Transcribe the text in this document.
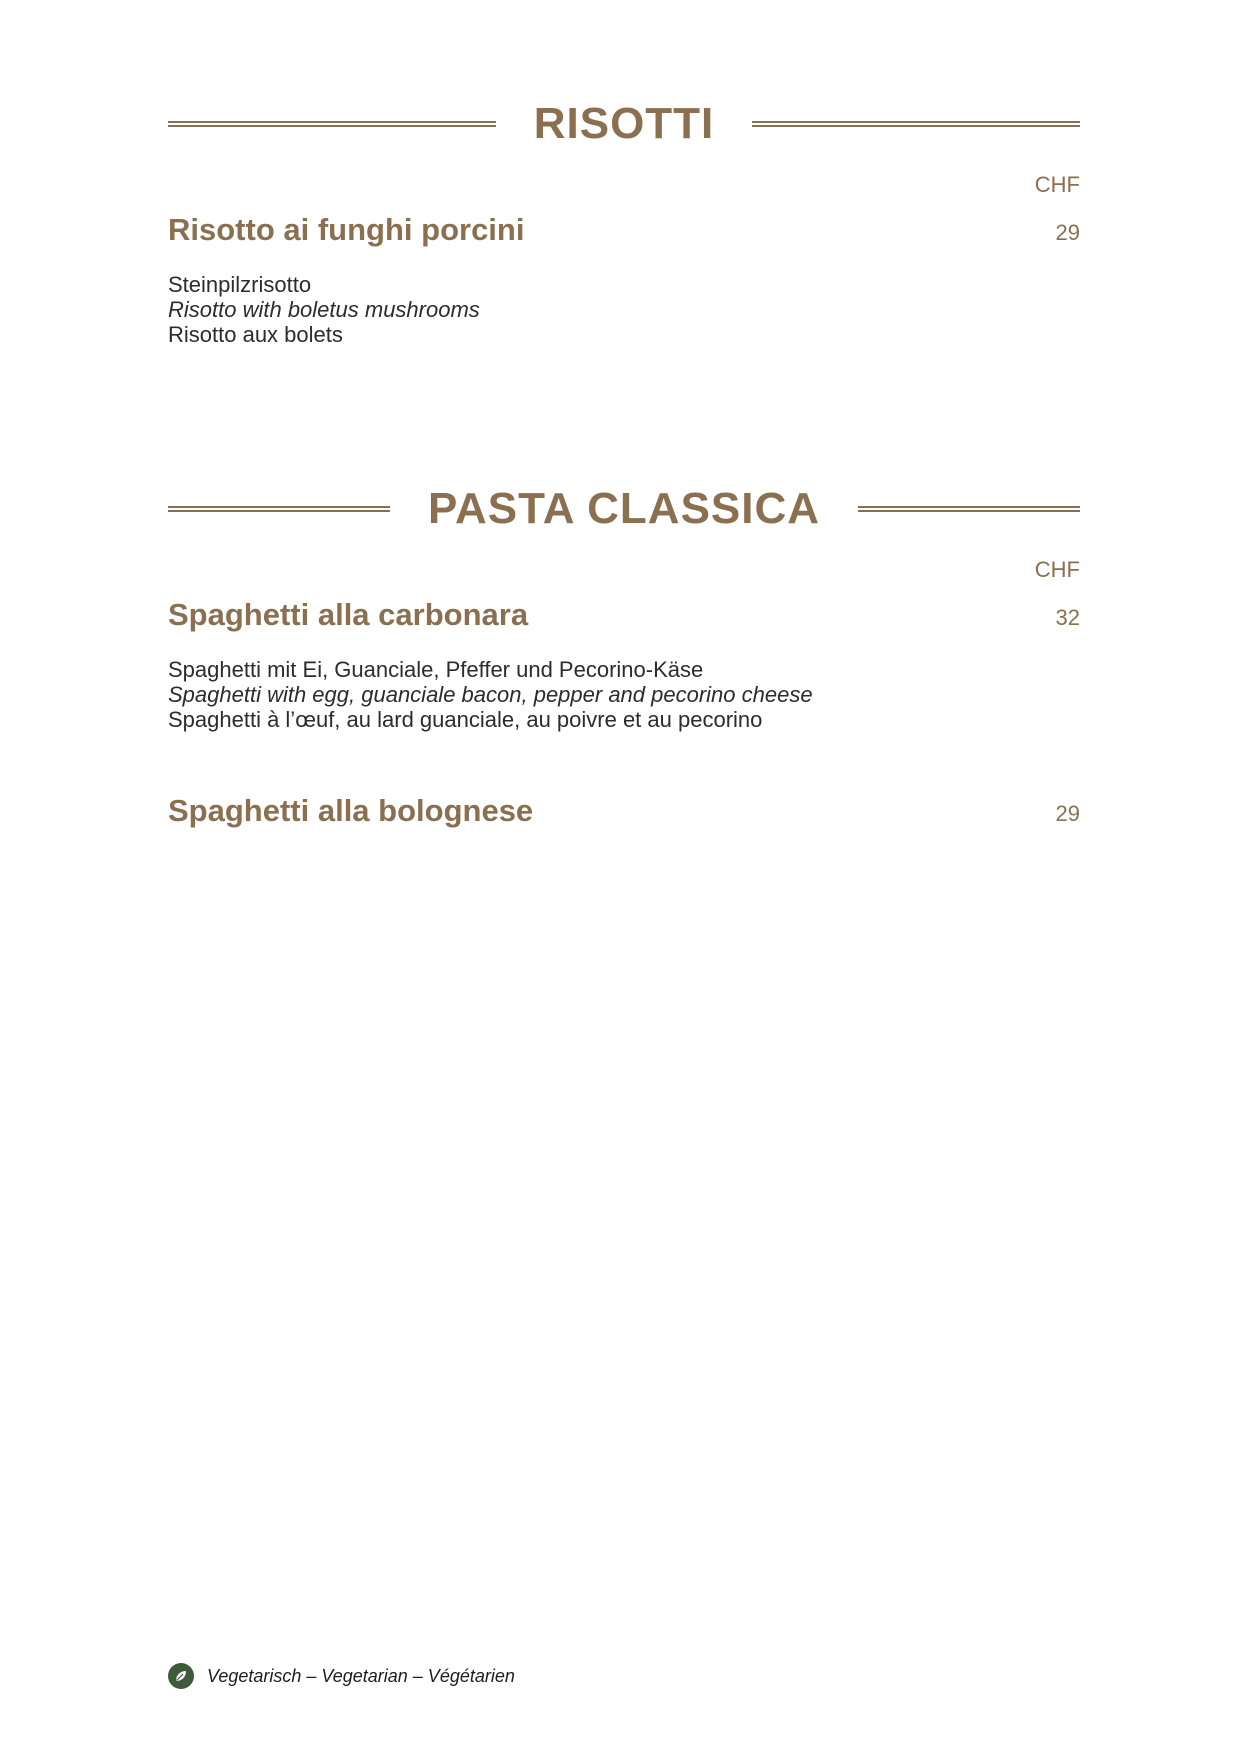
RISOTTI
CHF
Risotto ai funghi porcini	29
Steinpilzrisotto
Risotto with boletus mushrooms
Risotto aux bolets
PASTA CLASSICA
CHF
Spaghetti alla carbonara	32
Spaghetti mit Ei, Guanciale, Pfeffer und Pecorino-Käse
Spaghetti with egg, guanciale bacon, pepper and pecorino cheese
Spaghetti à l’œuf, au lard guanciale, au poivre et au pecorino
Spaghetti alla bolognese	29
Vegetarisch – Vegetarian – Végétarien
